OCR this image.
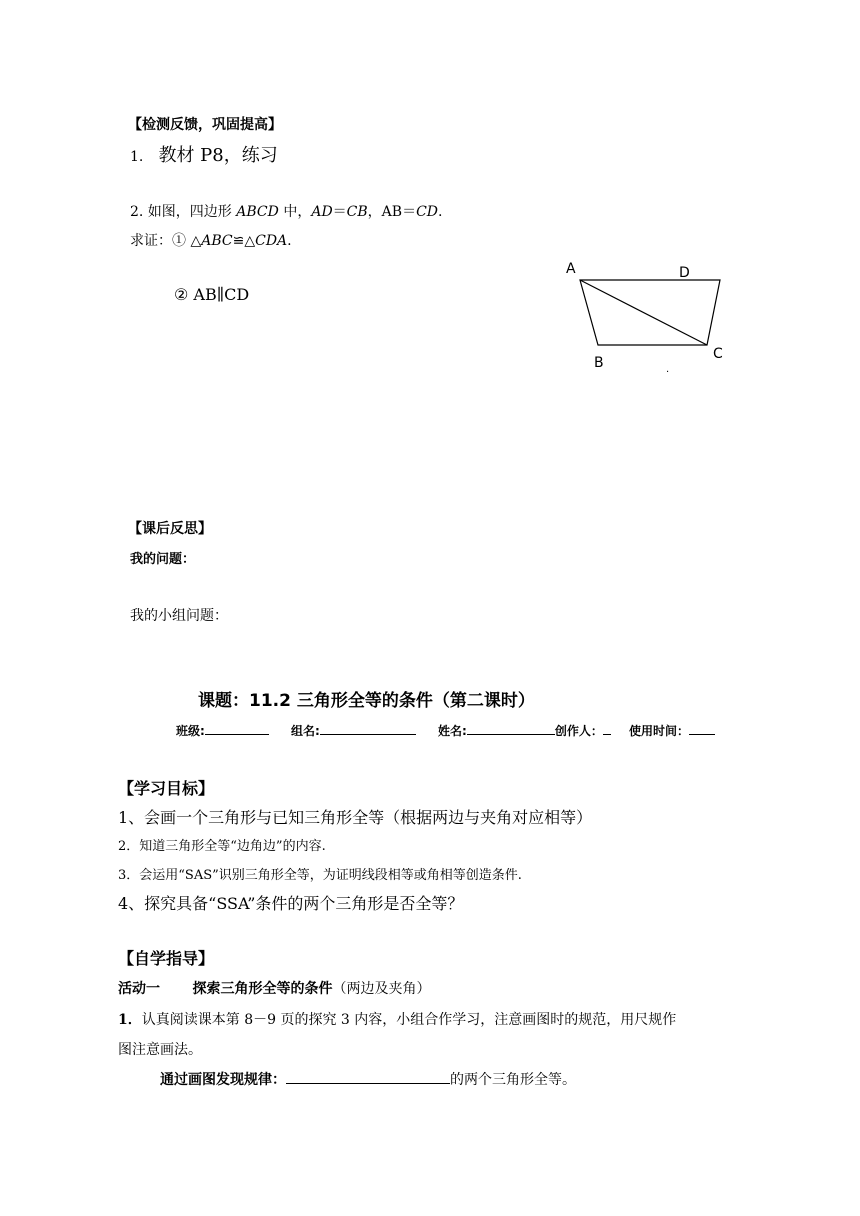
【检测反馈，巩固提高】
1. 教材 P8，练习
2. 如图，四边形 ABCD 中，AD＝CB，AB＝CD.
求证：① △ABC≌△CDA.
② AB∥CD
A	D
B
C
.
【课后反思】
我的问题：
我的小组问题：
课题：11.2 三角形全等的条件（第二课时）
班级:	组名:	姓名:	创作人： 使用时间：
【学习目标】
1、会画一个三角形与已知三角形全等（根据两边与夹角对应相等）
2．知道三角形全等“边角边”的内容.
3．会运用“SAS”识别三角形全等，为证明线段相等或角相等创造条件.
4、探究具备“SSA”条件的两个三角形是否全等？
【自学指导】
活动一 探索三角形全等的条件（两边及夹角）
1．认真阅读课本第 8－9 页的探究 3 内容，小组合作学习，注意画图时的规范，用尺规作
图注意画法。
通过画图发现规律：	的两个三角形全等。
